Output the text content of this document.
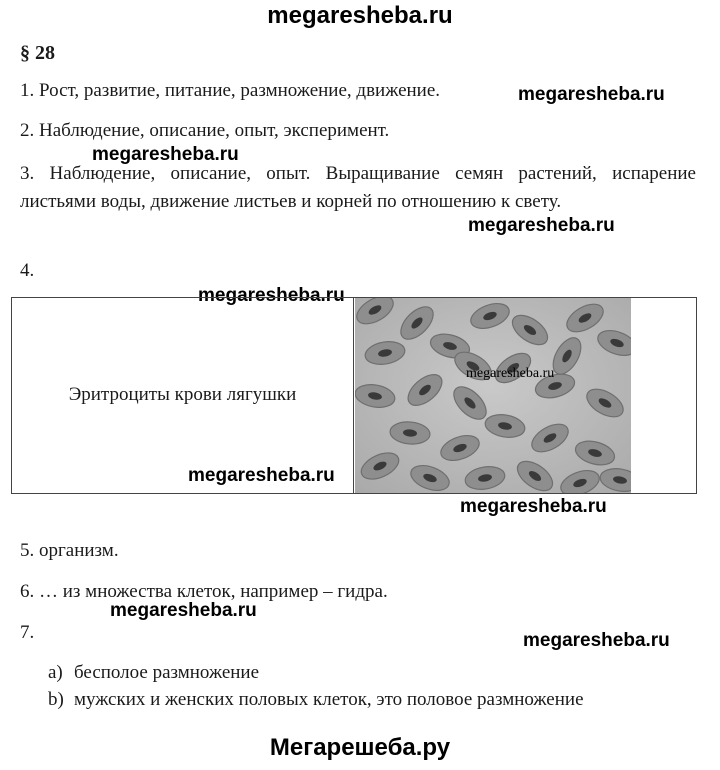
megaresheba.ru
§ 28
1. Рост, развитие, питание, размножение, движение.	megaresheba.ru
2. Наблюдение, описание, опыт, эксперимент.
megaresheba.ru
3. Наблюдение, описание, опыт. Выращивание семян растений, испарение листьями воды, движение листьев и корней по отношению к свету.
megaresheba.ru
4.
megaresheba.ru
Эритроциты крови лягушки
megaresheba.ru
megaresheba.ru
megaresheba.ru
5. организм.
6. … из множества клеток, например – гидра.
megaresheba.ru
7.	megaresheba.ru
a) бесполое размножение
b) мужских и женских половых клеток, это половое размножение
Мегарешеба.ру
